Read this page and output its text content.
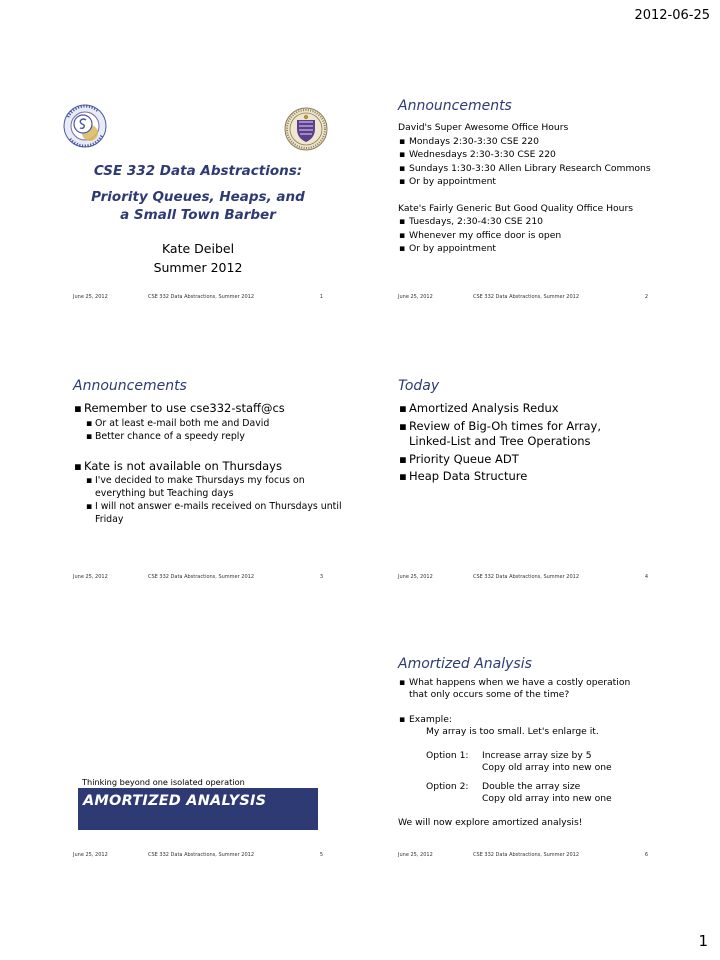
2012-06-25
CSE 332 Data Abstractions:
Priority Queues, Heaps, and
a Small Town Barber
Kate Deibel
Summer 2012
June 25, 2012	CSE 332 Data Abstractions, Summer 2012	1
Announcements
David's Super Awesome Office Hours
▪ Mondays 2:30-3:30 CSE 220
▪ Wednesdays 2:30-3:30 CSE 220
▪ Sundays 1:30-3:30 Allen Library Research Commons
▪ Or by appointment
Kate's Fairly Generic But Good Quality Office Hours
▪ Tuesdays, 2:30-4:30 CSE 210
▪ Whenever my office door is open
▪ Or by appointment
June 25, 2012	CSE 332 Data Abstractions, Summer 2012	2
Announcements
▪ Remember to use cse332-staff@cs
▪ Or at least e-mail both me and David
▪ Better chance of a speedy reply
▪ Kate is not available on Thursdays
▪ I've decided to make Thursdays my focus on everything but Teaching days
▪ I will not answer e-mails received on Thursdays until Friday
June 25, 2012	CSE 332 Data Abstractions, Summer 2012	3
Today
▪ Amortized Analysis Redux
▪ Review of Big-Oh times for Array, Linked-List and Tree Operations
▪ Priority Queue ADT
▪ Heap Data Structure
June 25, 2012	CSE 332 Data Abstractions, Summer 2012	4
Thinking beyond one isolated operation
AMORTIZED ANALYSIS
June 25, 2012	CSE 332 Data Abstractions, Summer 2012	5
Amortized Analysis
▪ What happens when we have a costly operation that only occurs some of the time?
▪ Example:
My array is too small. Let's enlarge it.
Option 1:	Increase array size by 5
Copy old array into new one
Option 2:	Double the array size
Copy old array into new one
We will now explore amortized analysis!
June 25, 2012	CSE 332 Data Abstractions, Summer 2012	6
1
